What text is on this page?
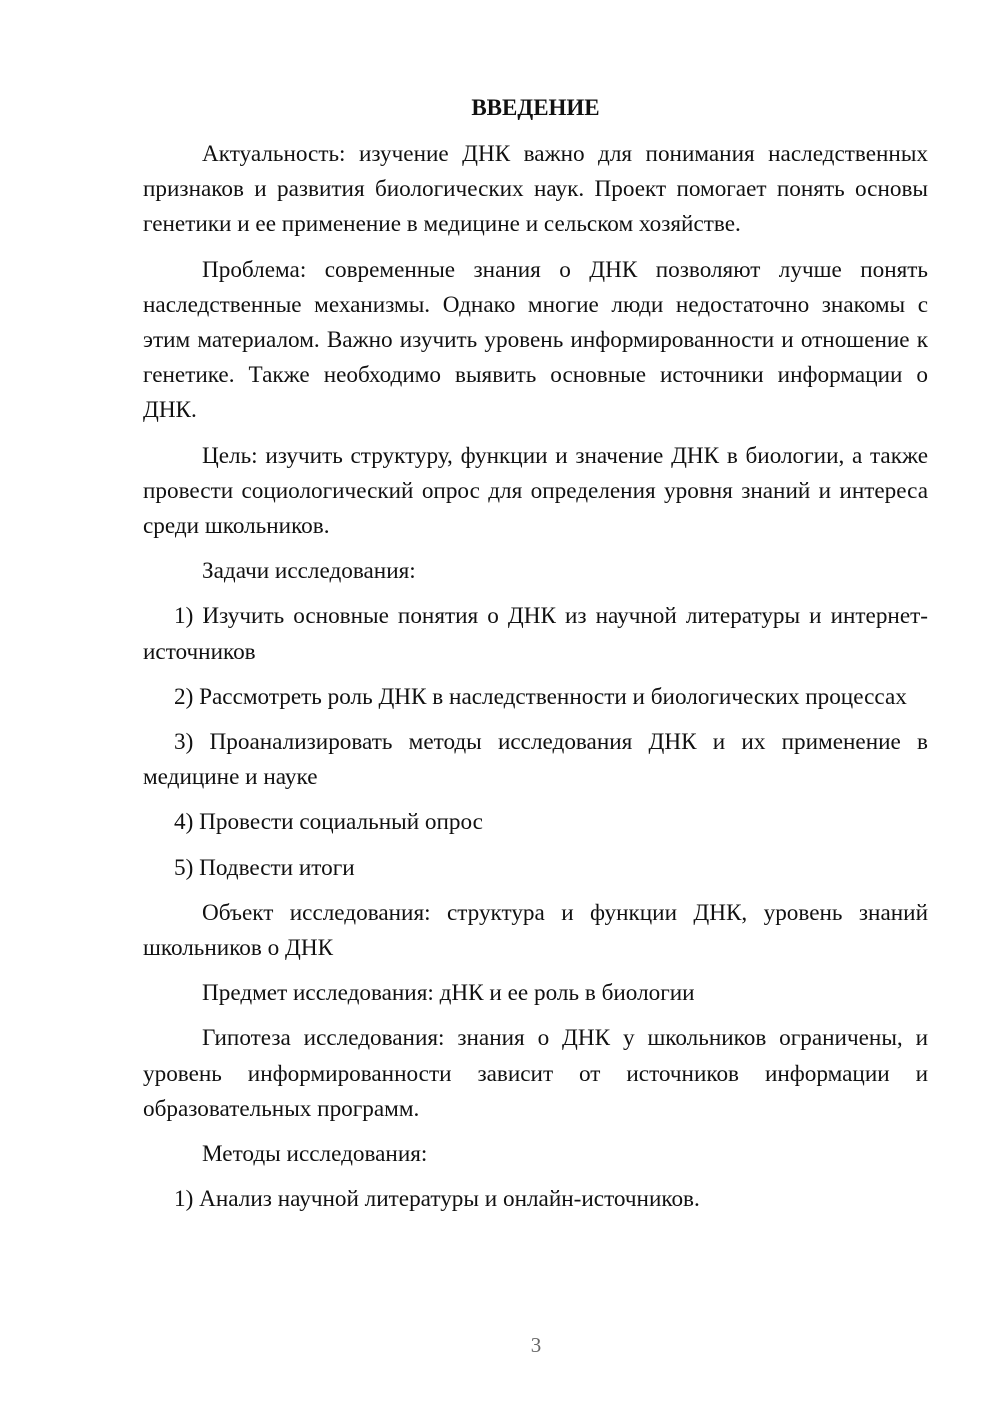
ВВЕДЕНИЕ

Актуальность: изучение ДНК важно для понимания наследственных признаков и развития биологических наук. Проект помогает понять основы генетики и ее применение в медицине и сельском хозяйстве.

Проблема: современные знания о ДНК позволяют лучше понять наследственные механизмы. Однако многие люди недостаточно знакомы с этим материалом. Важно изучить уровень информированности и отношение к генетике. Также необходимо выявить основные источники информации о ДНК.

Цель: изучить структуру, функции и значение ДНК в биологии, а также провести социологический опрос для определения уровня знаний и интереса среди школьников.

Задачи исследования:

1) Изучить основные понятия о ДНК из научной литературы и интернет-источников

2) Рассмотреть роль ДНК в наследственности и биологических процессах

3) Проанализировать методы исследования ДНК и их применение в медицине и науке

4) Провести социальный опрос

5) Подвести итоги

Объект исследования: структура и функции ДНК, уровень знаний школьников о ДНК

Предмет исследования: дНК и ее роль в биологии

Гипотеза исследования: знания о ДНК у школьников ограничены, и уровень информированности зависит от источников информации и образовательных программ.

Методы исследования:

1) Анализ научной литературы и онлайн-источников.

3
